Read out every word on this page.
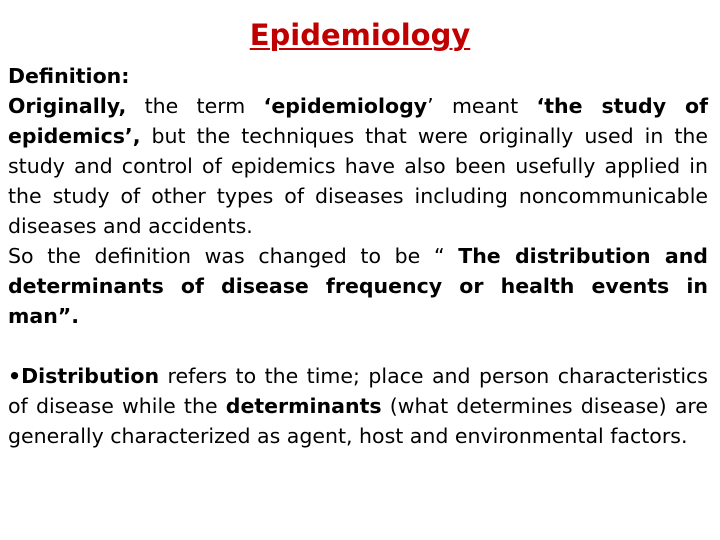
Epidemiology

Definition:

Originally, the term ‘epidemiology’ meant ‘the study of epidemics’, but the techniques that were originally used in the study and control of epidemics have also been usefully applied in the study of other types of diseases including noncommunicable diseases and accidents.

So the definition was changed to be “ The distribution and determinants of disease frequency or health events in man”.

•Distribution refers to the time; place and person characteristics of disease while the determinants (what determines disease) are generally characterized as agent, host and environmental factors.
